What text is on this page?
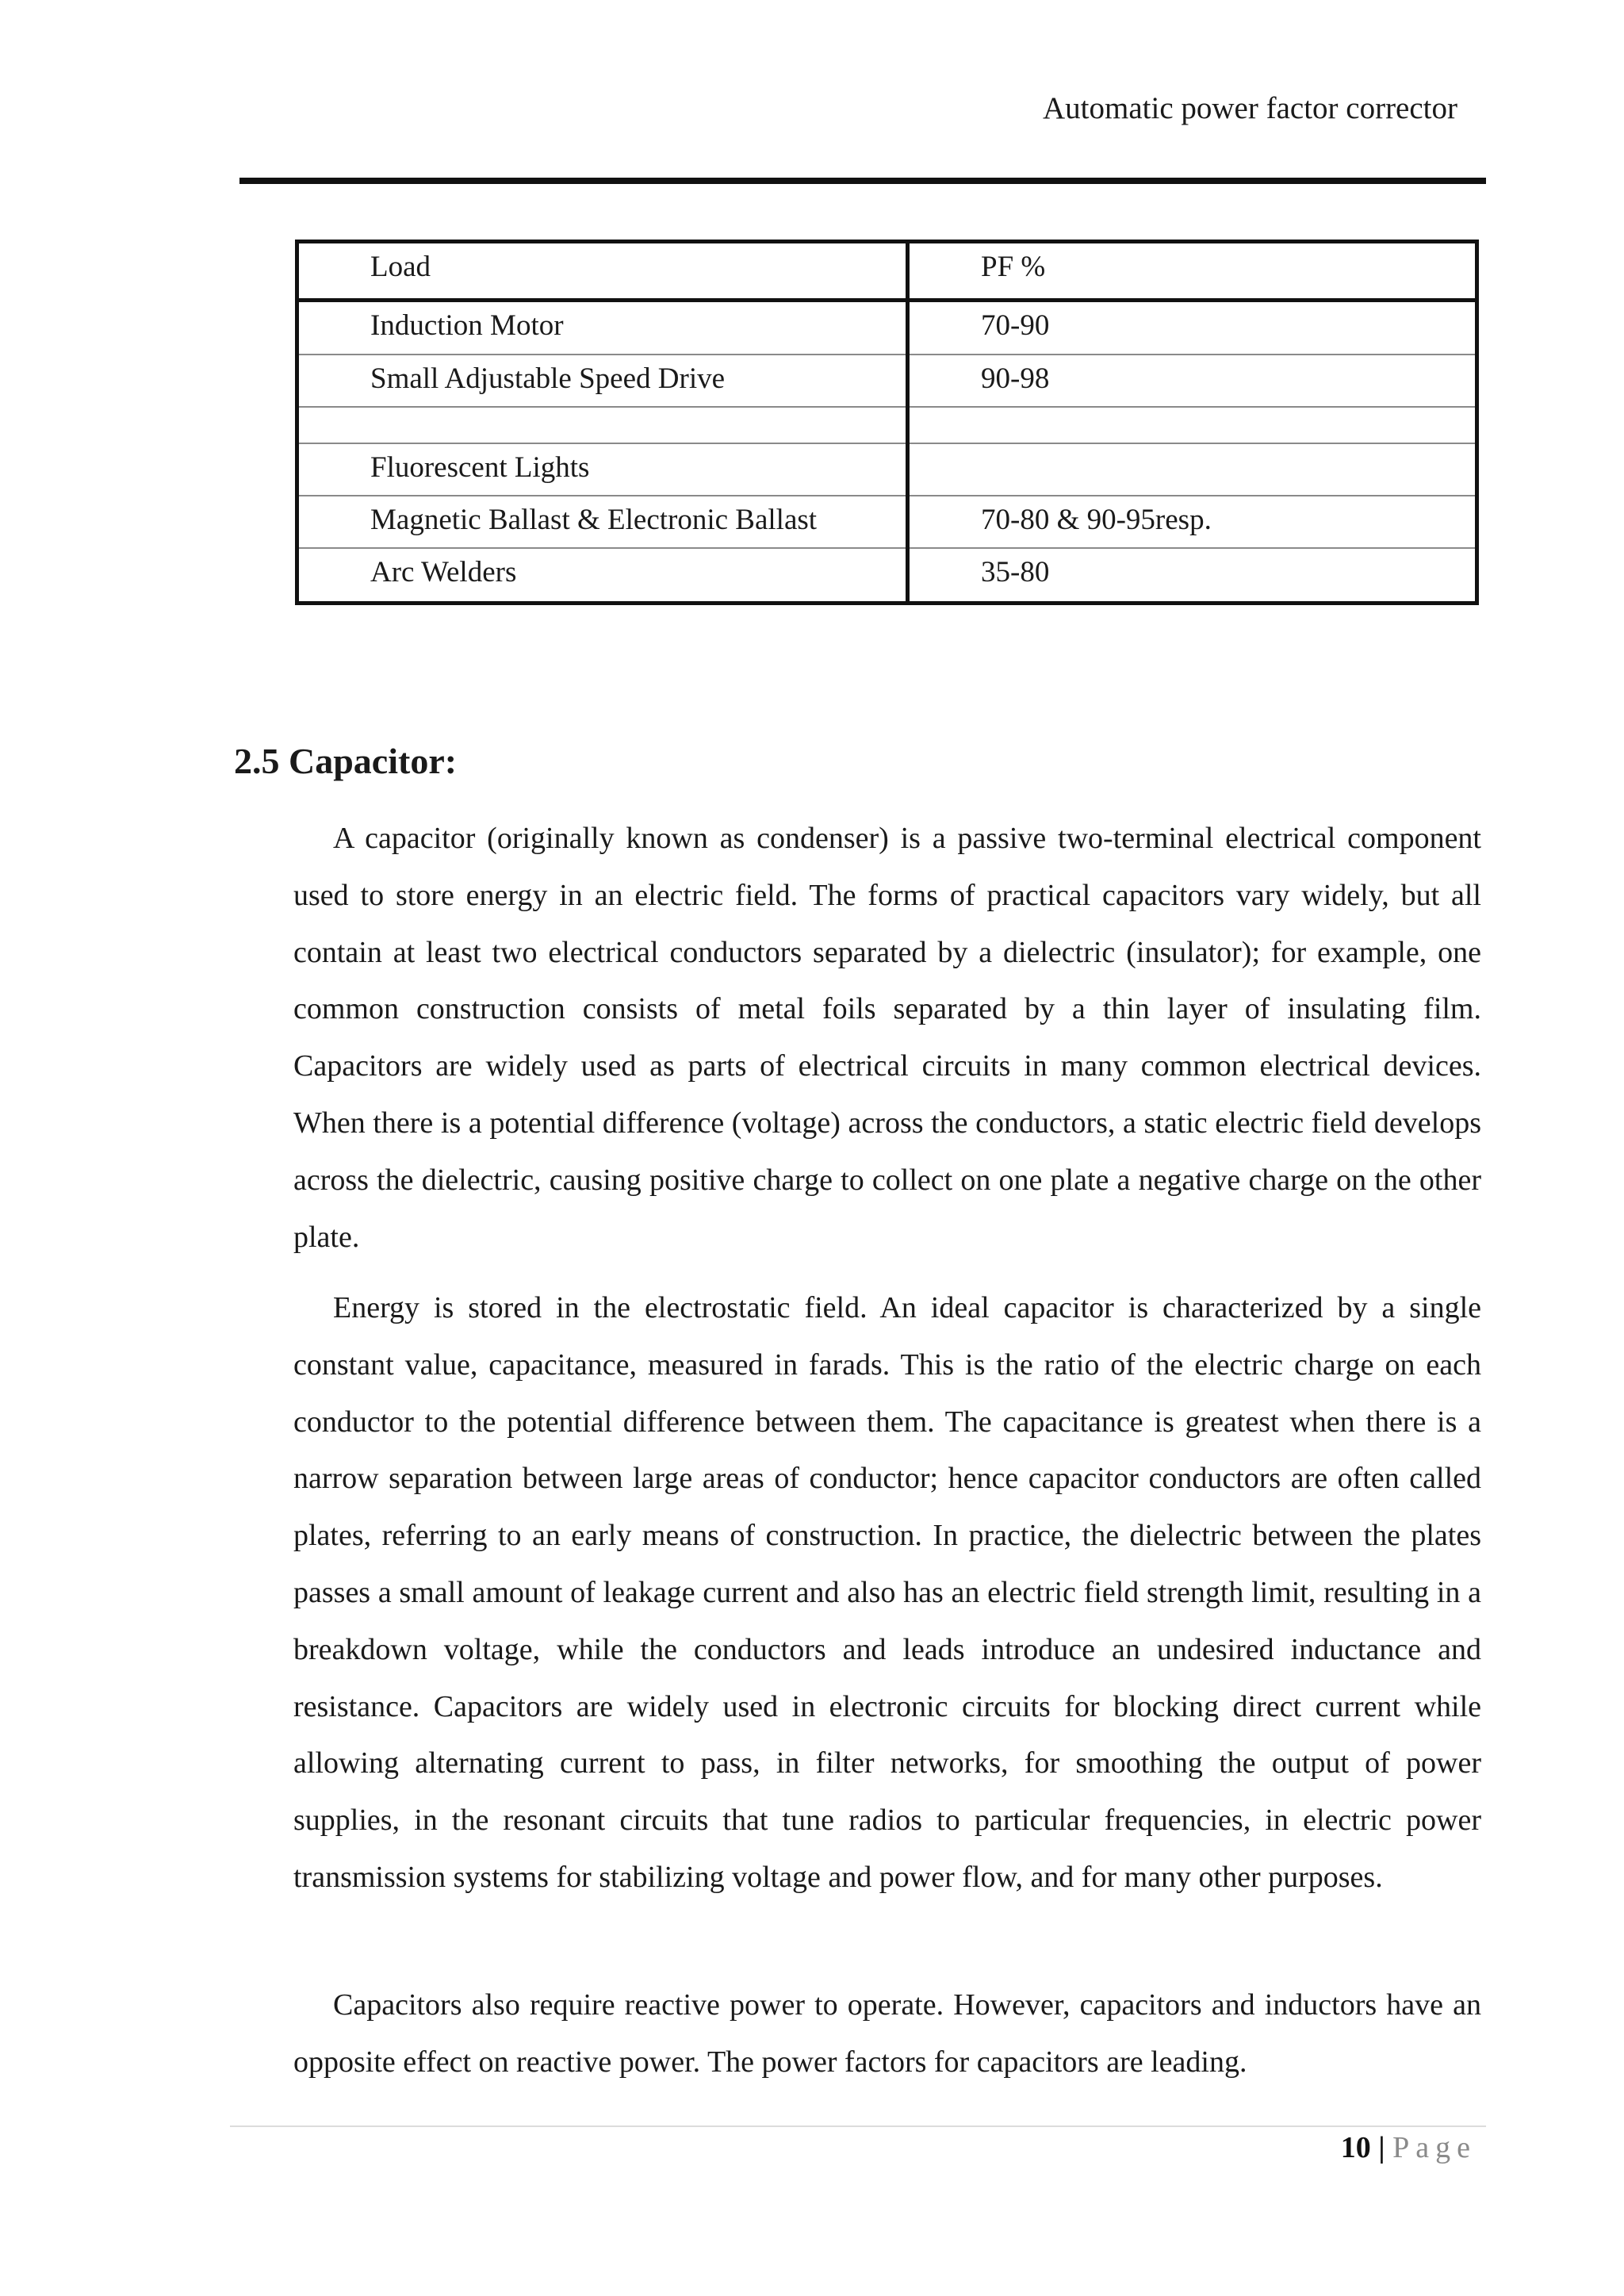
Automatic power factor corrector
Load	PF %

Induction Motor	70-90

Small Adjustable Speed Drive	90-98

Fluorescent Lights	

Magnetic Ballast & Electronic Ballast	70-80 & 90-95resp.

Arc Welders	35-80
2.5 Capacitor:

A capacitor (originally known as condenser) is a passive two-terminal electrical component used to store energy in an electric field. The forms of practical capacitors vary widely, but all contain at least two electrical conductors separated by a dielectric (insulator); for example, one common construction consists of metal foils separated by a thin layer of insulating film. Capacitors are widely used as parts of electrical circuits in many common electrical devices. When there is a potential difference (voltage) across the conductors, a static electric field develops across the dielectric, causing positive charge to collect on one plate a negative charge on the other plate.

Energy is stored in the electrostatic field. An ideal capacitor is characterized by a single constant value, capacitance, measured in farads. This is the ratio of the electric charge on each conductor to the potential difference between them. The capacitance is greatest when there is a narrow separation between large areas of conductor; hence capacitor conductors are often called plates, referring to an early means of construction. In practice, the dielectric between the plates passes a small amount of leakage current and also has an electric field strength limit, resulting in a breakdown voltage, while the conductors and leads introduce an undesired inductance and resistance. Capacitors are widely used in electronic circuits for blocking direct current while allowing alternating current to pass, in filter networks, for smoothing the output of power supplies, in the resonant circuits that tune radios to particular frequencies, in electric power transmission systems for stabilizing voltage and power flow, and for many other purposes.

Capacitors also require reactive power to operate. However, capacitors and inductors have an opposite effect on reactive power. The power factors for capacitors are leading.

10 | Page
